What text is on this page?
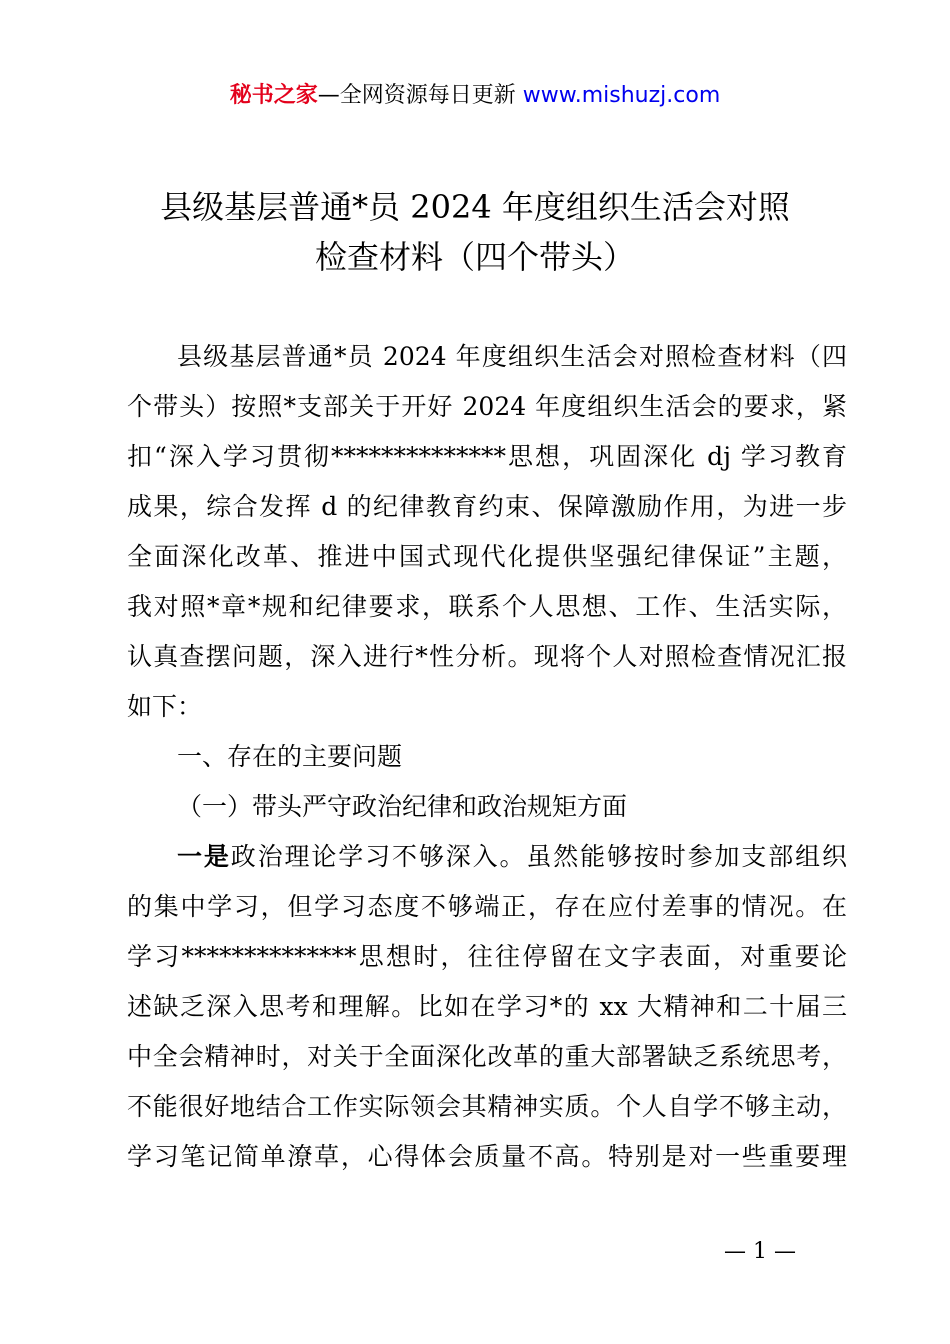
秘书之家—全网资源每日更新 www.mishuzj.com
县级基层普通*员 2024 年度组织生活会对照
检查材料（四个带头）
县级基层普通*员 2024 年度组织生活会对照检查材料（四
个带头）按照*支部关于开好 2024 年度组织生活会的要求，紧
扣“深入学习贯彻**************思想，巩固深化 dj 学习教育
成果，综合发挥 d 的纪律教育约束、保障激励作用，为进一步
全面深化改革、推进中国式现代化提供坚强纪律保证”主题，
我对照*章*规和纪律要求，联系个人思想、工作、生活实际，
认真查摆问题，深入进行*性分析。现将个人对照检查情况汇报
如下：
一、存在的主要问题
（一）带头严守政治纪律和政治规矩方面
一是政治理论学习不够深入。虽然能够按时参加支部组织
的集中学习，但学习态度不够端正，存在应付差事的情况。在
学习**************思想时，往往停留在文字表面，对重要论
述缺乏深入思考和理解。比如在学习*的 xx 大精神和二十届三
中全会精神时，对关于全面深化改革的重大部署缺乏系统思考，
不能很好地结合工作实际领会其精神实质。个人自学不够主动，
学习笔记简单潦草，心得体会质量不高。特别是对一些重要理
— 1 —
